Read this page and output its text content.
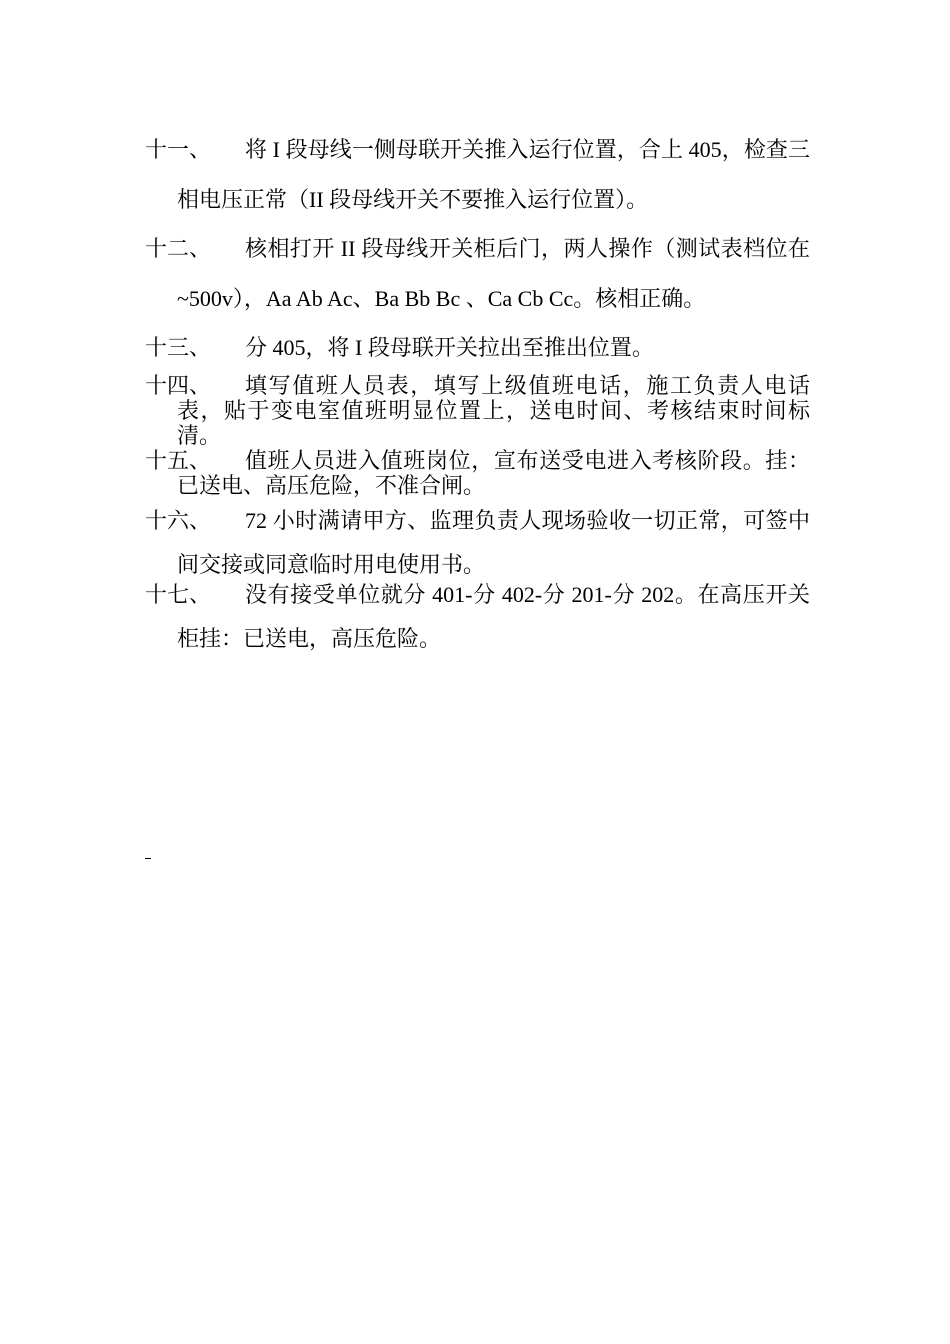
十一、	将 I 段母线一侧母联开关推入运行位置，合上 405，检查三相电压正常（II 段母线开关不要推入运行位置）。
十二、	核相打开 II 段母线开关柜后门，两人操作（测试表档位在~500v），Aa Ab Ac、Ba Bb Bc 、Ca Cb Cc。核相正确。
十三、	分 405，将 I 段母联开关拉出至推出位置。
十四、	填写值班人员表，填写上级值班电话，施工负责人电话表，贴于变电室值班明显位置上，送电时间、考核结束时间标清。
十五、	值班人员进入值班岗位，宣布送受电进入考核阶段。挂：已送电、高压危险，不准合闸。
十六、	72 小时满请甲方、监理负责人现场验收一切正常，可签中间交接或同意临时用电使用书。
十七、	没有接受单位就分 401-分 402-分 201-分 202。在高压开关柜挂：已送电，高压危险。
